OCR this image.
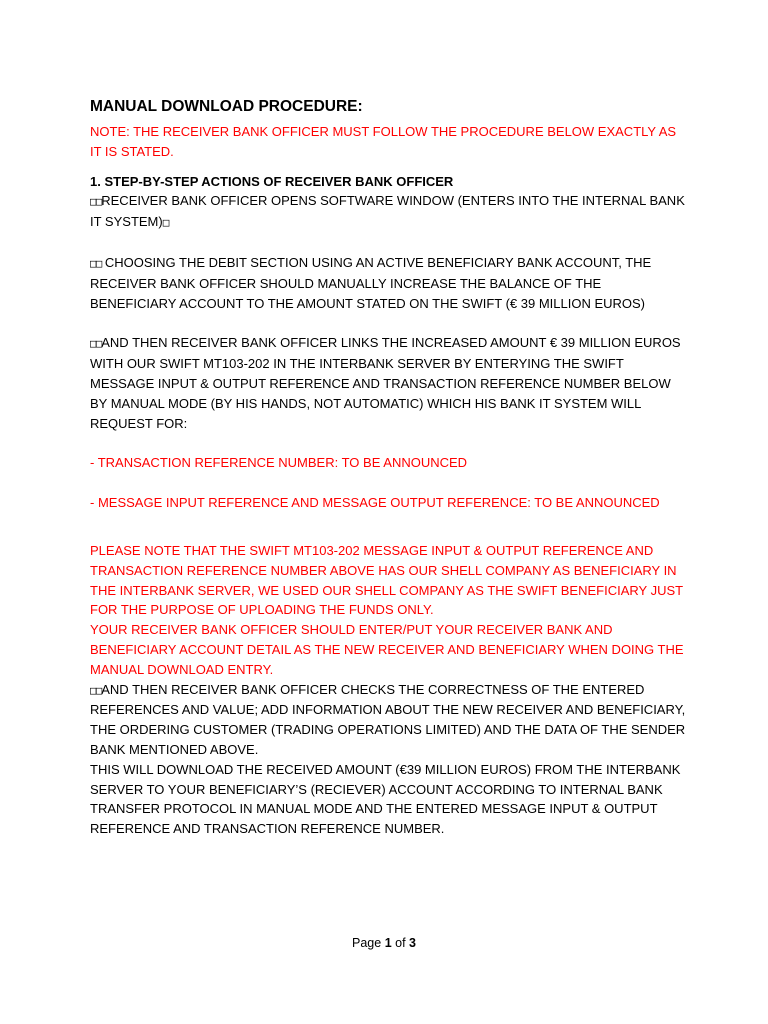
MANUAL DOWNLOAD PROCEDURE:

NOTE: THE RECEIVER BANK OFFICER MUST FOLLOW THE PROCEDURE BELOW EXACTLY AS IT IS STATED.

1. STEP-BY-STEP ACTIONS OF RECEIVER BANK OFFICER

□□RECEIVER BANK OFFICER OPENS SOFTWARE WINDOW (ENTERS INTO THE INTERNAL BANK IT SYSTEM)□

□□ CHOOSING THE DEBIT SECTION USING AN ACTIVE BENEFICIARY BANK ACCOUNT, THE RECEIVER BANK OFFICER SHOULD MANUALLY INCREASE THE BALANCE OF THE BENEFICIARY ACCOUNT TO THE AMOUNT STATED ON THE SWIFT (€ 39 MILLION EUROS)

□□AND THEN RECEIVER BANK OFFICER LINKS THE INCREASED AMOUNT € 39 MILLION EUROS WITH OUR SWIFT MT103-202 IN THE INTERBANK SERVER BY ENTERYING THE SWIFT MESSAGE INPUT & OUTPUT REFERENCE AND TRANSACTION REFERENCE NUMBER BELOW BY MANUAL MODE (BY HIS HANDS, NOT AUTOMATIC) WHICH HIS BANK IT SYSTEM WILL REQUEST FOR:

- TRANSACTION REFERENCE NUMBER: TO BE ANNOUNCED

- MESSAGE INPUT REFERENCE AND MESSAGE OUTPUT REFERENCE: TO BE ANNOUNCED

PLEASE NOTE THAT THE SWIFT MT103-202 MESSAGE INPUT & OUTPUT REFERENCE AND TRANSACTION REFERENCE NUMBER ABOVE HAS OUR SHELL COMPANY AS BENEFICIARY IN THE INTERBANK SERVER, WE USED OUR SHELL COMPANY AS THE SWIFT BENEFICIARY JUST FOR THE PURPOSE OF UPLOADING THE FUNDS ONLY.

YOUR RECEIVER BANK OFFICER SHOULD ENTER/PUT YOUR RECEIVER BANK AND BENEFICIARY ACCOUNT DETAIL AS THE NEW RECEIVER AND BENEFICIARY WHEN DOING THE MANUAL DOWNLOAD ENTRY.

□□AND THEN RECEIVER BANK OFFICER CHECKS THE CORRECTNESS OF THE ENTERED REFERENCES AND VALUE; ADD INFORMATION ABOUT THE NEW RECEIVER AND BENEFICIARY, THE ORDERING CUSTOMER (TRADING OPERATIONS LIMITED) AND THE DATA OF THE SENDER BANK MENTIONED ABOVE.

THIS WILL DOWNLOAD THE RECEIVED AMOUNT (€39 MILLION EUROS) FROM THE INTERBANK SERVER TO YOUR BENEFICIARY’S (RECIEVER) ACCOUNT ACCORDING TO INTERNAL BANK TRANSFER PROTOCOL IN MANUAL MODE AND THE ENTERED MESSAGE INPUT & OUTPUT REFERENCE AND TRANSACTION REFERENCE NUMBER.

Page 1 of 3
